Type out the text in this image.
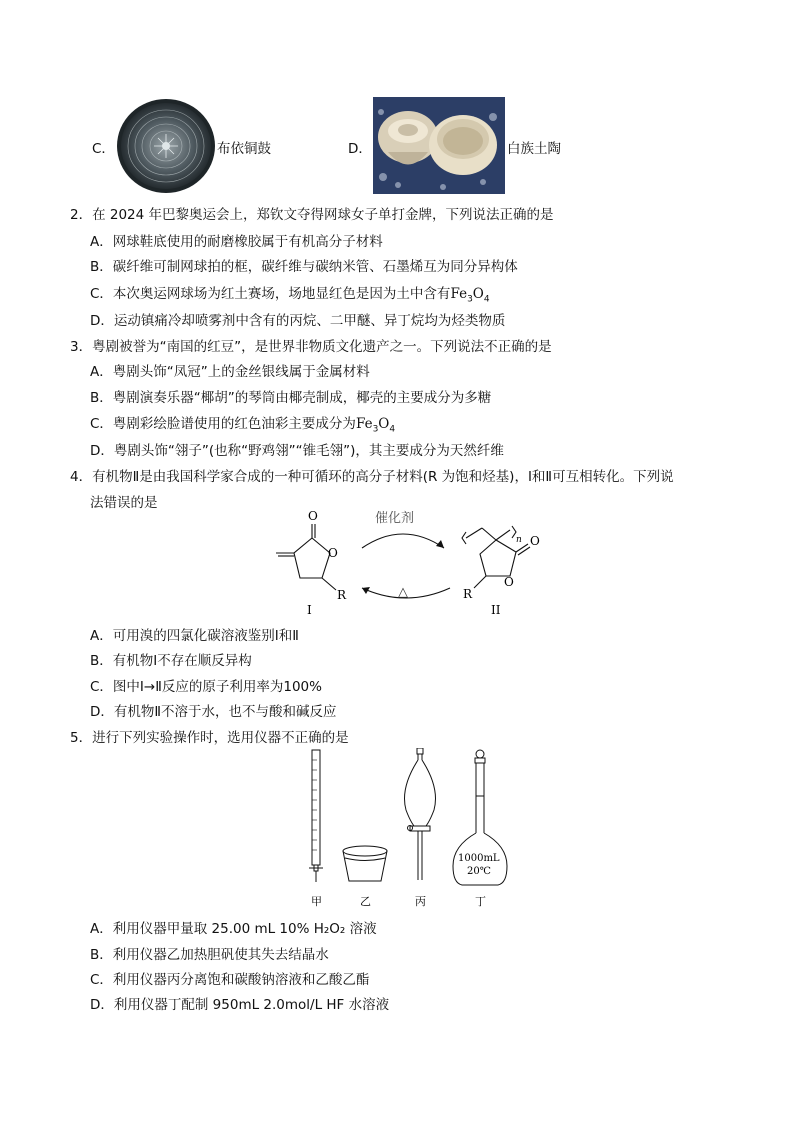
C．	布依铜鼓	D．	白族土陶
2．在 2024 年巴黎奥运会上，郑钦文夺得网球女子单打金牌，下列说法正确的是
A．网球鞋底使用的耐磨橡胶属于有机高分子材料
B．碳纤维可制网球拍的框，碳纤维与碳纳米管、石墨烯互为同分异构体
C．本次奥运网球场为红土赛场，场地显红色是因为土中含有$Fe_3O_4$
D．运动镇痛冷却喷雾剂中含有的丙烷、二甲醚、异丁烷均为烃类物质
3．粤剧被誉为“南国的红豆”，是世界非物质文化遗产之一。下列说法不正确的是
A．粤剧头饰“凤冠”上的金丝银线属于金属材料
B．粤剧演奏乐器“椰胡”的琴筒由椰壳制成，椰壳的主要成分为多糖
C．粤剧彩绘脸谱使用的红色油彩主要成分为$Fe_3O_4$
D．粤剧头饰“翎子”(也称“野鸡翎”“锥毛翎”)，其主要成分为天然纤维
4．有机物Ⅱ是由我国科学家合成的一种可循环的高分子材料(R 为饱和烃基)，Ⅰ和Ⅱ可互相转化。下列说
法错误的是
O
O
R
I
催化剂
△
n O
O
R
II
A．可用溴的四氯化碳溶液鉴别Ⅰ和Ⅱ
B．有机物Ⅰ不存在顺反异构
C．图中Ⅰ→Ⅱ反应的原子利用率为100%
D．有机物Ⅱ不溶于水，也不与酸和碱反应
5．进行下列实验操作时，选用仪器不正确的是
甲	乙	丙
1000mL
20℃
丁
A．利用仪器甲量取 25.00 mL 10% H₂O₂ 溶液
B．利用仪器乙加热胆矾使其失去结晶水
C．利用仪器丙分离饱和碳酸钠溶液和乙酸乙酯
D．利用仪器丁配制 950mL 2.0mol/L HF 水溶液
